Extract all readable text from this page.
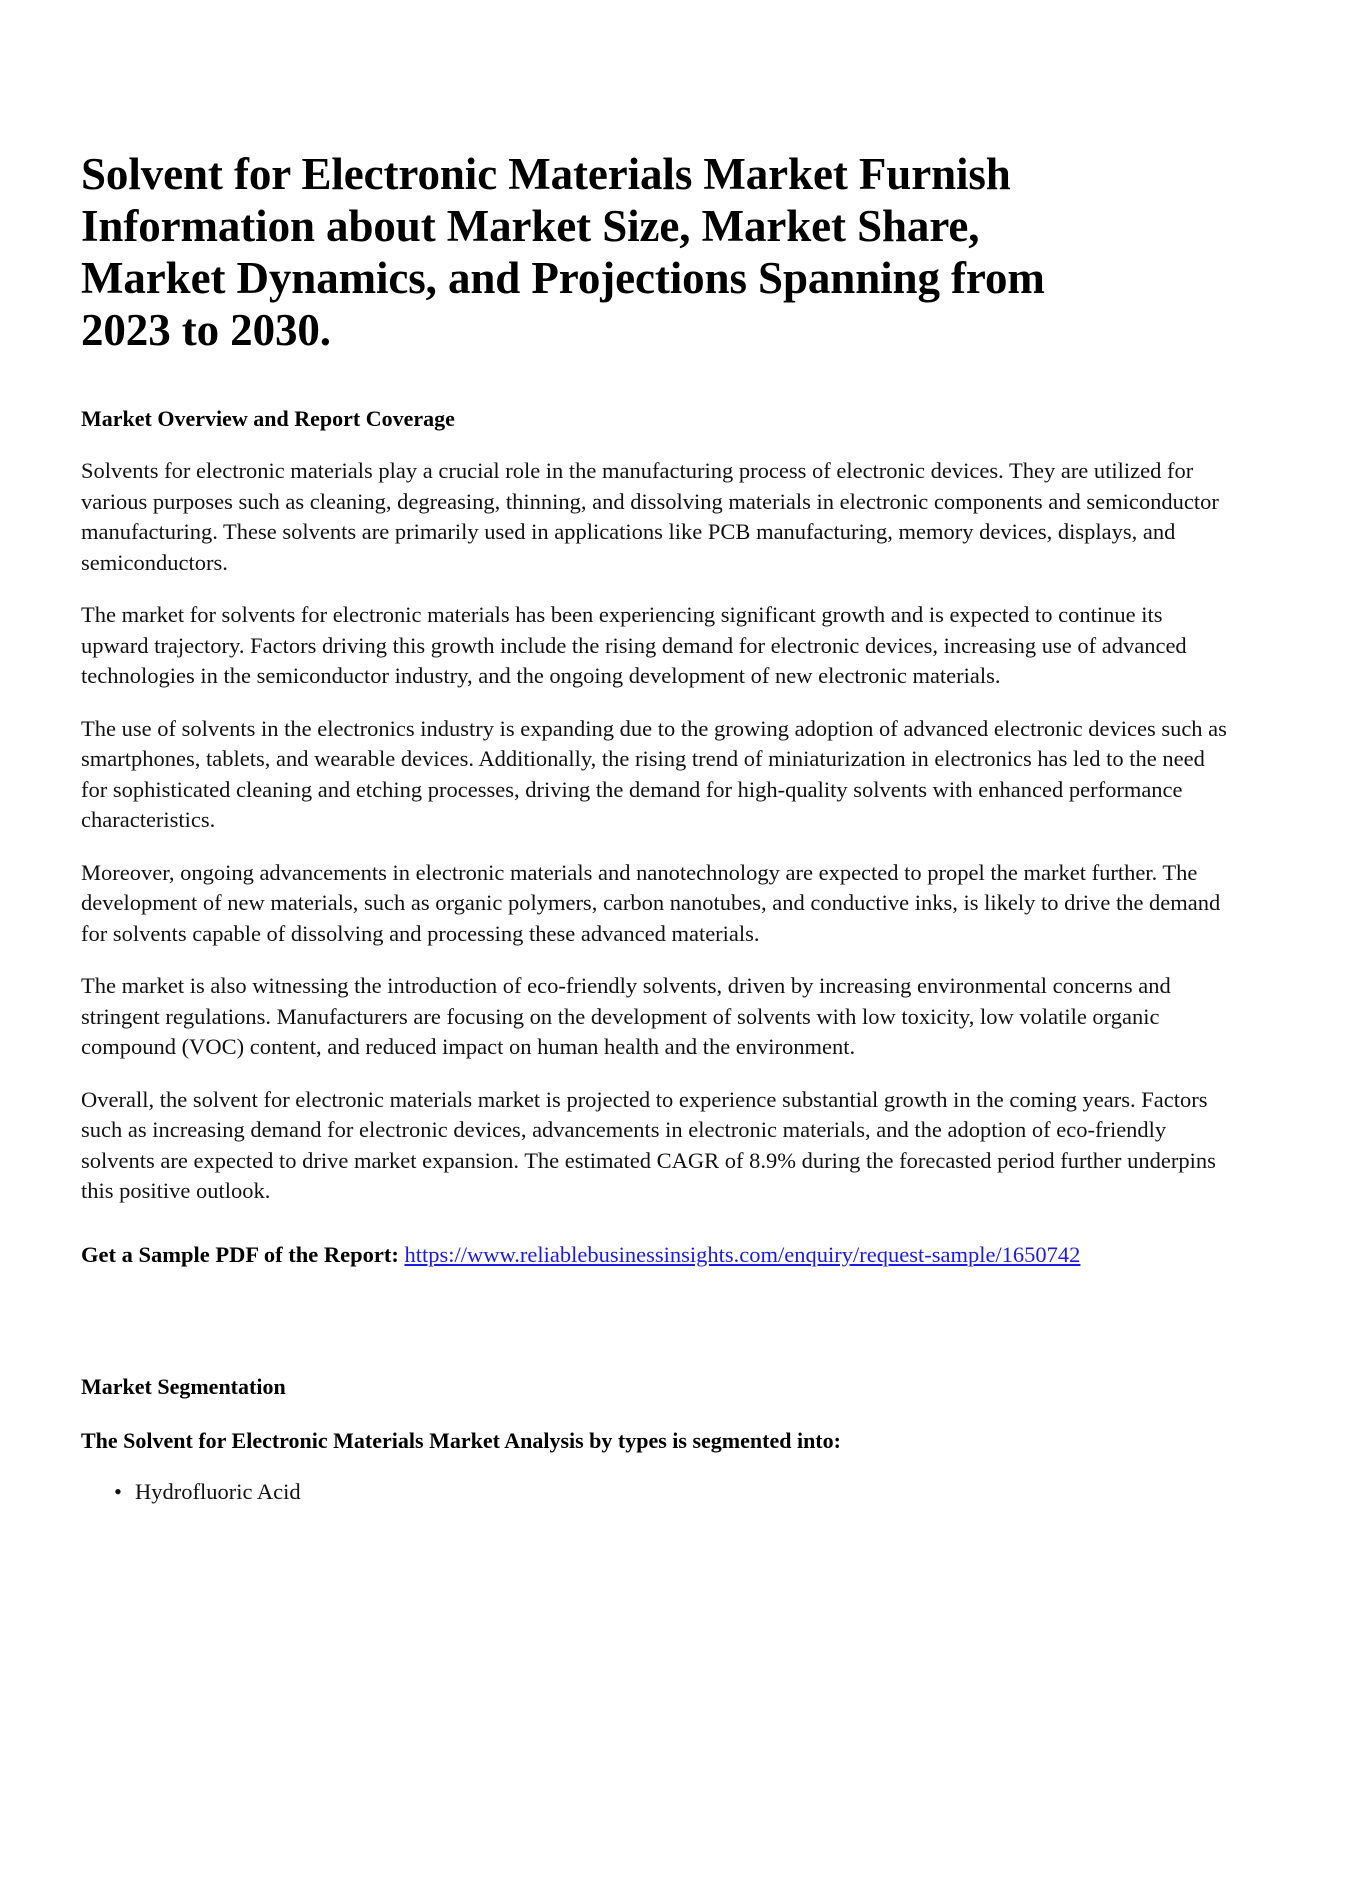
Solvent for Electronic Materials Market Furnish Information about Market Size, Market Share, Market Dynamics, and Projections Spanning from 2023 to 2030.
Market Overview and Report Coverage

Solvents for electronic materials play a crucial role in the manufacturing process of electronic devices. They are utilized for various purposes such as cleaning, degreasing, thinning, and dissolving materials in electronic components and semiconductor manufacturing. These solvents are primarily used in applications like PCB manufacturing, memory devices, displays, and semiconductors.

The market for solvents for electronic materials has been experiencing significant growth and is expected to continue its upward trajectory. Factors driving this growth include the rising demand for electronic devices, increasing use of advanced technologies in the semiconductor industry, and the ongoing development of new electronic materials.

The use of solvents in the electronics industry is expanding due to the growing adoption of advanced electronic devices such as smartphones, tablets, and wearable devices. Additionally, the rising trend of miniaturization in electronics has led to the need for sophisticated cleaning and etching processes, driving the demand for high-quality solvents with enhanced performance characteristics.

Moreover, ongoing advancements in electronic materials and nanotechnology are expected to propel the market further. The development of new materials, such as organic polymers, carbon nanotubes, and conductive inks, is likely to drive the demand for solvents capable of dissolving and processing these advanced materials.

The market is also witnessing the introduction of eco-friendly solvents, driven by increasing environmental concerns and stringent regulations. Manufacturers are focusing on the development of solvents with low toxicity, low volatile organic compound (VOC) content, and reduced impact on human health and the environment.

Overall, the solvent for electronic materials market is projected to experience substantial growth in the coming years. Factors such as increasing demand for electronic devices, advancements in electronic materials, and the adoption of eco-friendly solvents are expected to drive market expansion. The estimated CAGR of 8.9% during the forecasted period further underpins this positive outlook.

Get a Sample PDF of the Report: https://www.reliablebusinessinsights.com/enquiry/request-sample/1650742
Market Segmentation
The Solvent for Electronic Materials Market Analysis by types is segmented into:
• Hydrofluoric Acid
